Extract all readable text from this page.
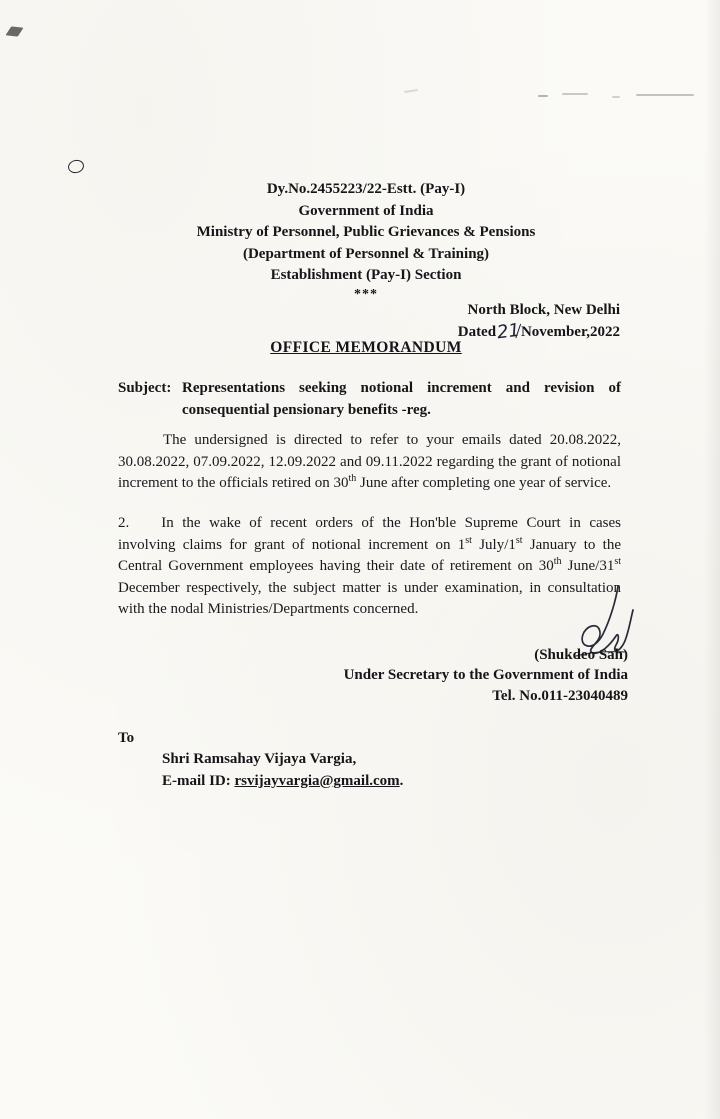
Dy.No.2455223/22-Estt. (Pay-I)
Government of India
Ministry of Personnel, Public Grievances & Pensions
(Department of Personnel & Training)
Establishment (Pay-I) Section
***
North Block, New Delhi
Dated21November,2022
OFFICE MEMORANDUM
Subject: Representations seeking notional increment and revision of consequential pensionary benefits -reg.

The undersigned is directed to refer to your emails dated 20.08.2022, 30.08.2022, 07.09.2022, 12.09.2022 and 09.11.2022 regarding the grant of notional increment to the officials retired on 30th June after completing one year of service.

2. In the wake of recent orders of the Hon'ble Supreme Court in cases involving claims for grant of notional increment on 1st July/1st January to the Central Government employees having their date of retirement on 30th June/31st December respectively, the subject matter is under examination, in consultation with the nodal Ministries/Departments concerned.

(Shukdeo Sah)
Under Secretary to the Government of India
Tel. No.011-23040489
To
Shri Ramsahay Vijaya Vargia,
E-mail ID: rsvijayvargia@gmail.com.
